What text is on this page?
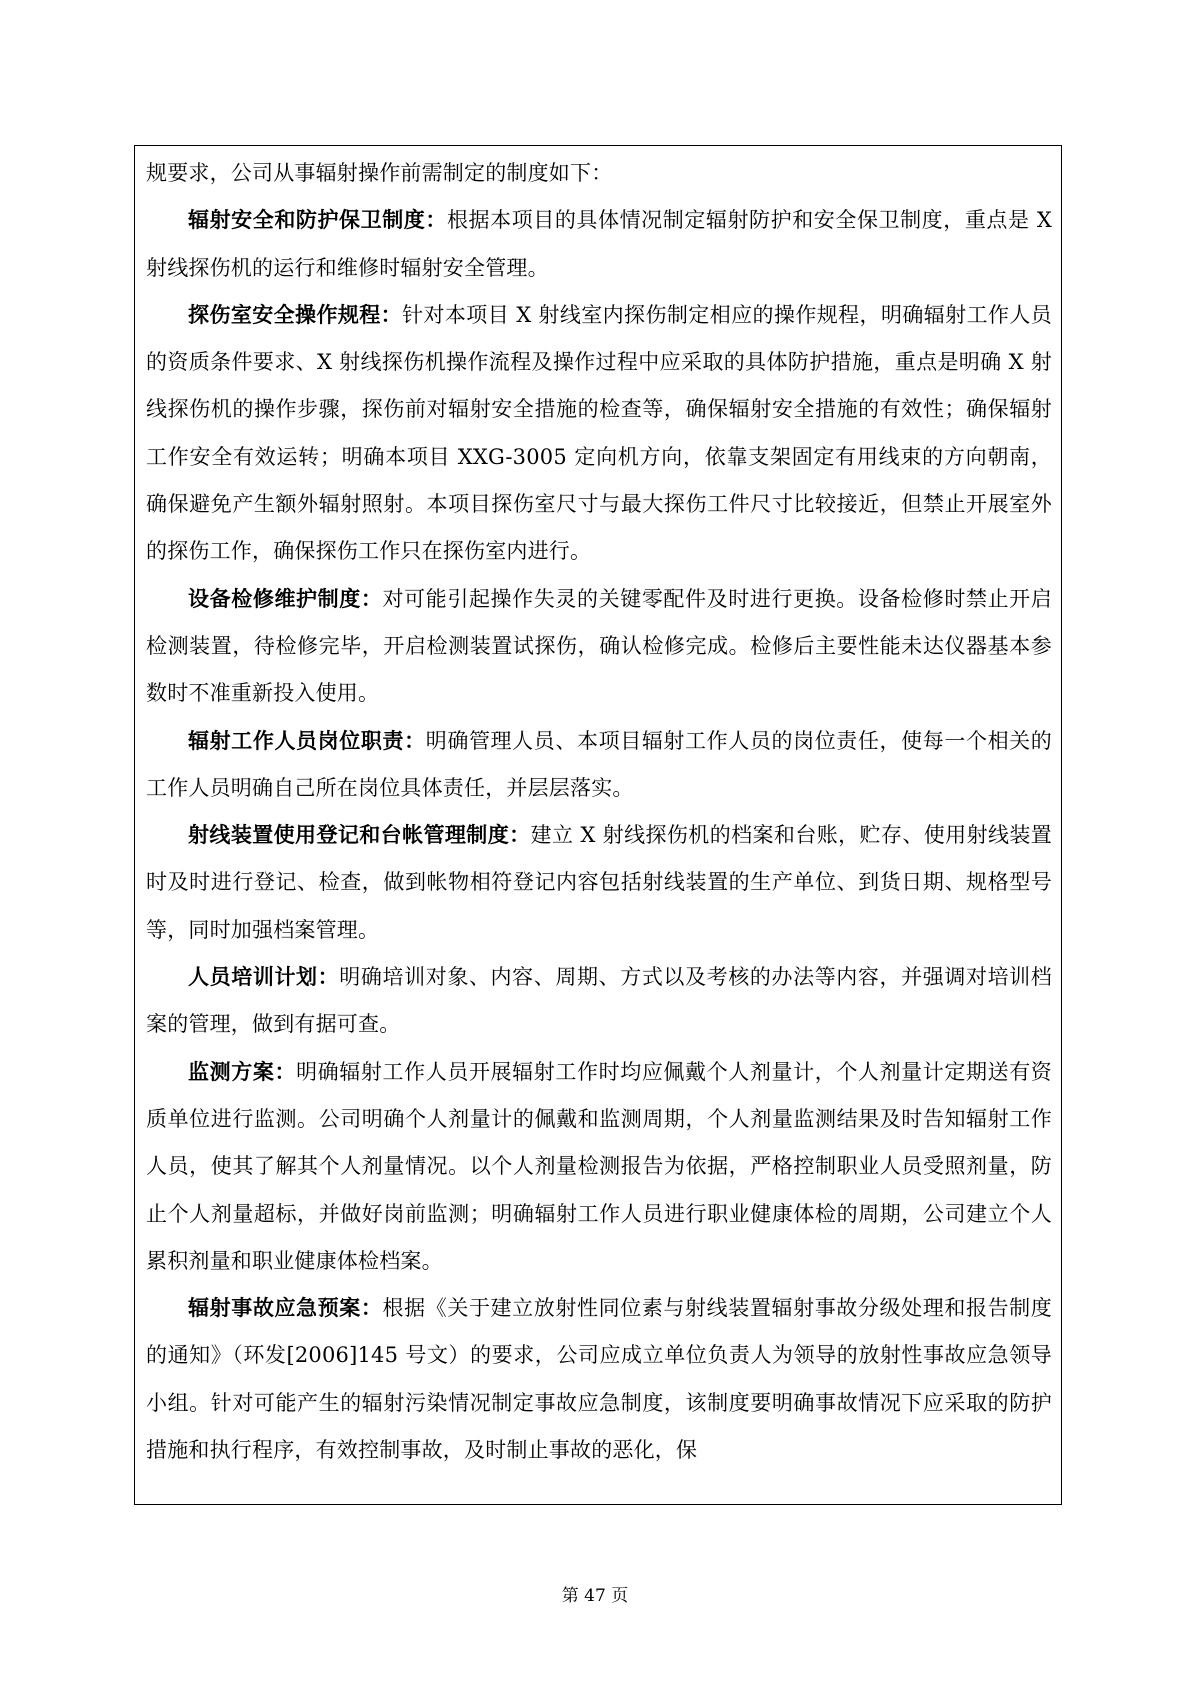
规要求，公司从事辐射操作前需制定的制度如下：

辐射安全和防护保卫制度：根据本项目的具体情况制定辐射防护和安全保卫制度，重点是 X 射线探伤机的运行和维修时辐射安全管理。

探伤室安全操作规程：针对本项目 X 射线室内探伤制定相应的操作规程，明确辐射工作人员的资质条件要求、X 射线探伤机操作流程及操作过程中应采取的具体防护措施，重点是明确 X 射线探伤机的操作步骤，探伤前对辐射安全措施的检查等，确保辐射安全措施的有效性；确保辐射工作安全有效运转；明确本项目 XXG-3005 定向机方向，依靠支架固定有用线束的方向朝南，确保避免产生额外辐射照射。本项目探伤室尺寸与最大探伤工件尺寸比较接近，但禁止开展室外的探伤工作，确保探伤工作只在探伤室内进行。

设备检修维护制度：对可能引起操作失灵的关键零配件及时进行更换。设备检修时禁止开启检测装置，待检修完毕，开启检测装置试探伤，确认检修完成。检修后主要性能未达仪器基本参数时不准重新投入使用。

辐射工作人员岗位职责：明确管理人员、本项目辐射工作人员的岗位责任，使每一个相关的工作人员明确自己所在岗位具体责任，并层层落实。

射线装置使用登记和台帐管理制度：建立 X 射线探伤机的档案和台账，贮存、使用射线装置时及时进行登记、检查，做到帐物相符登记内容包括射线装置的生产单位、到货日期、规格型号等，同时加强档案管理。

人员培训计划：明确培训对象、内容、周期、方式以及考核的办法等内容，并强调对培训档案的管理，做到有据可查。

监测方案：明确辐射工作人员开展辐射工作时均应佩戴个人剂量计，个人剂量计定期送有资质单位进行监测。公司明确个人剂量计的佩戴和监测周期，个人剂量监测结果及时告知辐射工作人员，使其了解其个人剂量情况。以个人剂量检测报告为依据，严格控制职业人员受照剂量，防止个人剂量超标，并做好岗前监测；明确辐射工作人员进行职业健康体检的周期，公司建立个人累积剂量和职业健康体检档案。

辐射事故应急预案：根据《关于建立放射性同位素与射线装置辐射事故分级处理和报告制度的通知》（环发[2006]145 号文）的要求，公司应成立单位负责人为领导的放射性事故应急领导小组。针对可能产生的辐射污染情况制定事故应急制度，该制度要明确事故情况下应采取的防护措施和执行程序，有效控制事故，及时制止事故的恶化，保

第 47 页
